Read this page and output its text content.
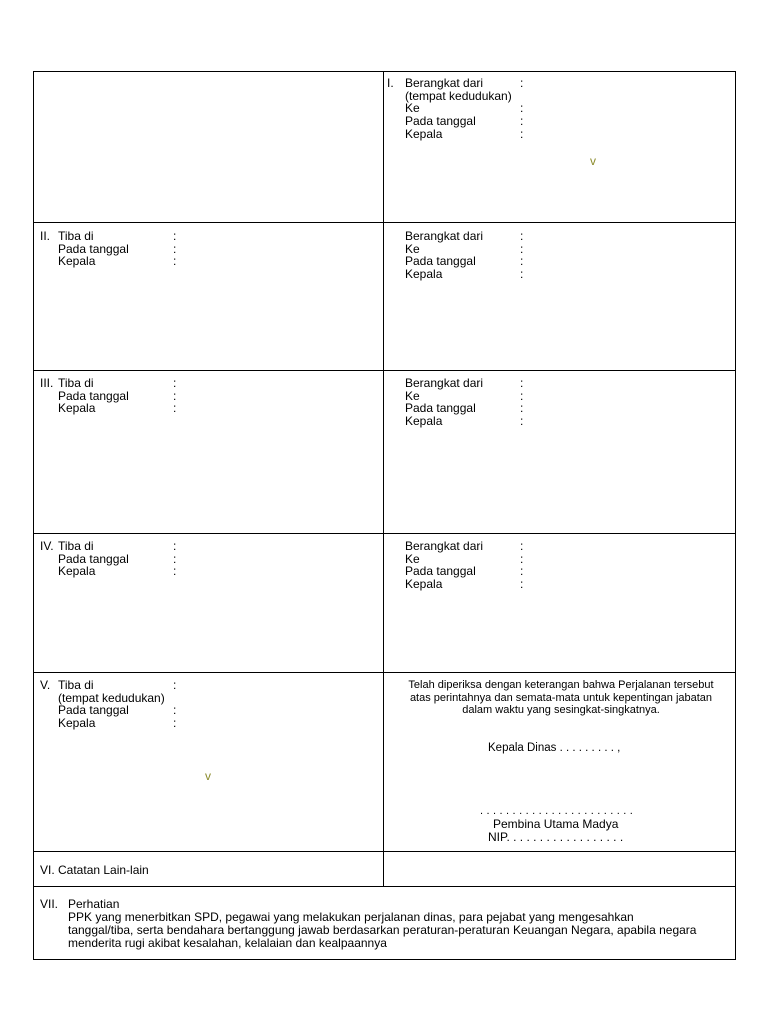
I. Berangkat dari	:
(tempat kedudukan)
Ke	:
Pada tanggal	:
Kepala	:
v
II. Tiba di	:
Pada tanggal	:
Kepala	:
Berangkat dari	:
Ke	:
Pada tanggal	:
Kepala	:
III. Tiba di	:
Pada tanggal	:
Kepala	:
Berangkat dari	:
Ke	:
Pada tanggal	:
Kepala	:
IV. Tiba di	:
Pada tanggal	:
Kepala	:
Berangkat dari	:
Ke	:
Pada tanggal	:
Kepala	:
V. Tiba di	:
(tempat kedudukan)
Pada tanggal	:
Kepala	:
v
Telah diperiksa dengan keterangan bahwa Perjalanan tersebut
atas perintahnya dan semata-mata untuk kepentingan jabatan
dalam waktu yang sesingkat-singkatnya.
Kepala Dinas . . . . . . . . . ,
. . . . . . . . . . . . . . . . . . . . . . . .
Pembina Utama Madya
NIP. . . . . . . . . . . . . . . . . .
VI. Catatan Lain-lain
VII. Perhatian
PPK yang menerbitkan SPD, pegawai yang melakukan perjalanan dinas, para pejabat yang mengesahkan
tanggal/tiba, serta bendahara bertanggung jawab berdasarkan peraturan-peraturan Keuangan Negara, apabila negara
menderita rugi akibat kesalahan, kelalaian dan kealpaannya
